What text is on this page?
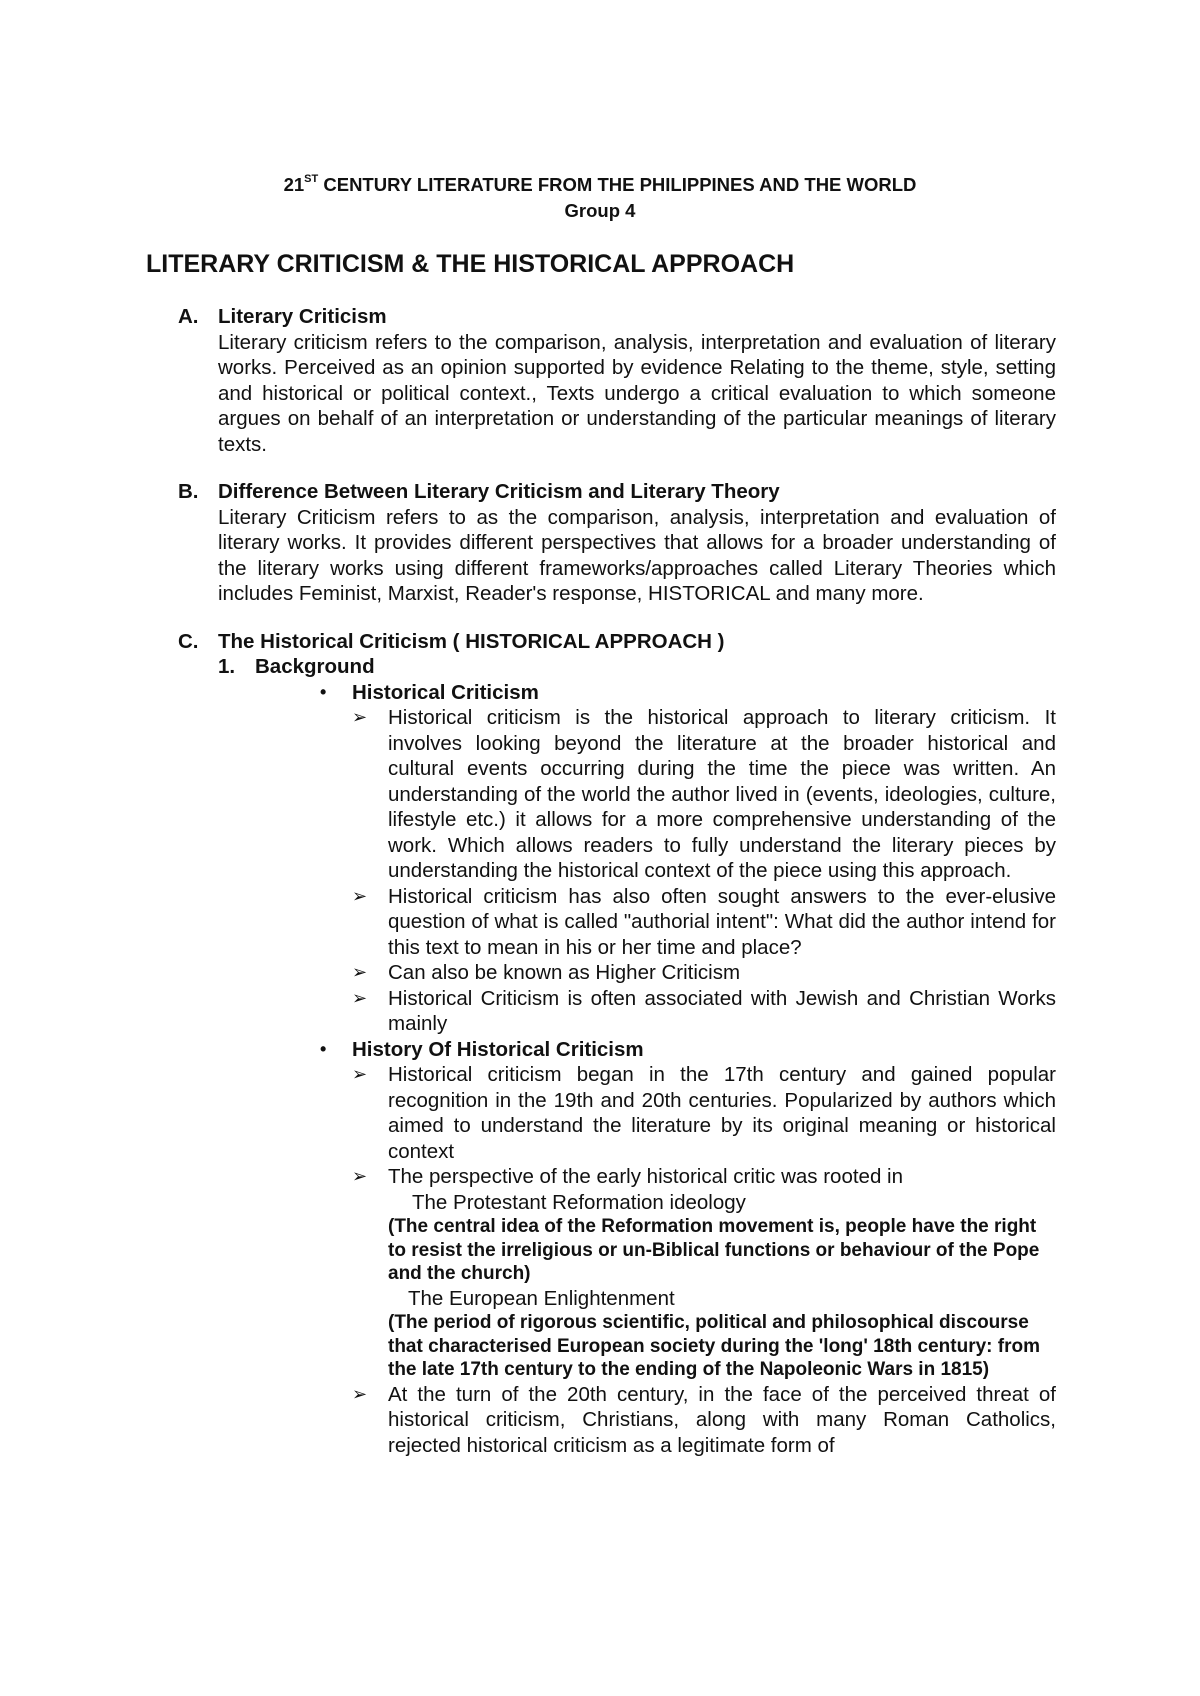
21ST CENTURY LITERATURE FROM THE PHILIPPINES AND THE WORLD

Group 4

LITERARY CRITICISM & THE HISTORICAL APPROACH
A. Literary Criticism
Literary criticism refers to the comparison, analysis, interpretation and evaluation of literary works. Perceived as an opinion supported by evidence Relating to the theme, style, setting and historical or political context., Texts undergo a critical evaluation to which someone argues on behalf of an interpretation or understanding of the particular meanings of literary texts.
B. Difference Between Literary Criticism and Literary Theory
Literary Criticism refers to as the comparison, analysis, interpretation and evaluation of literary works. It provides different perspectives that allows for a broader understanding of the literary works using different frameworks/approaches called Literary Theories which includes Feminist, Marxist, Reader's response, HISTORICAL and many more.
C. The Historical Criticism ( HISTORICAL APPROACH )
1. Background
•	Historical Criticism
➢	Historical criticism is the historical approach to literary criticism. It involves looking beyond the literature at the broader historical and cultural events occurring during the time the piece was written. An understanding of the world the author lived in (events, ideologies, culture, lifestyle etc.) it allows for a more comprehensive understanding of the work. Which allows readers to fully understand the literary pieces by understanding the historical context of the piece using this approach.
➢	Historical criticism has also often sought answers to the ever-elusive question of what is called "authorial intent": What did the author intend for this text to mean in his or her time and place?
➢	Can also be known as Higher Criticism
➢	Historical Criticism is often associated with Jewish and Christian Works mainly
•	History Of Historical Criticism
➢	Historical criticism began in the 17th century and gained popular recognition in the 19th and 20th centuries. Popularized by authors which aimed to understand the literature by its original meaning or historical context
➢	The perspective of the early historical critic was rooted in
The Protestant Reformation ideology
(The central idea of the Reformation movement is, people have the right to resist the irreligious or un-Biblical functions or behaviour of the Pope and the church)
The European Enlightenment
(The period of rigorous scientific, political and philosophical discourse that characterised European society during the 'long' 18th century: from the late 17th century to the ending of the Napoleonic Wars in 1815)
➢	At the turn of the 20th century, in the face of the perceived threat of historical criticism, Christians, along with many Roman Catholics, rejected historical criticism as a legitimate form of
